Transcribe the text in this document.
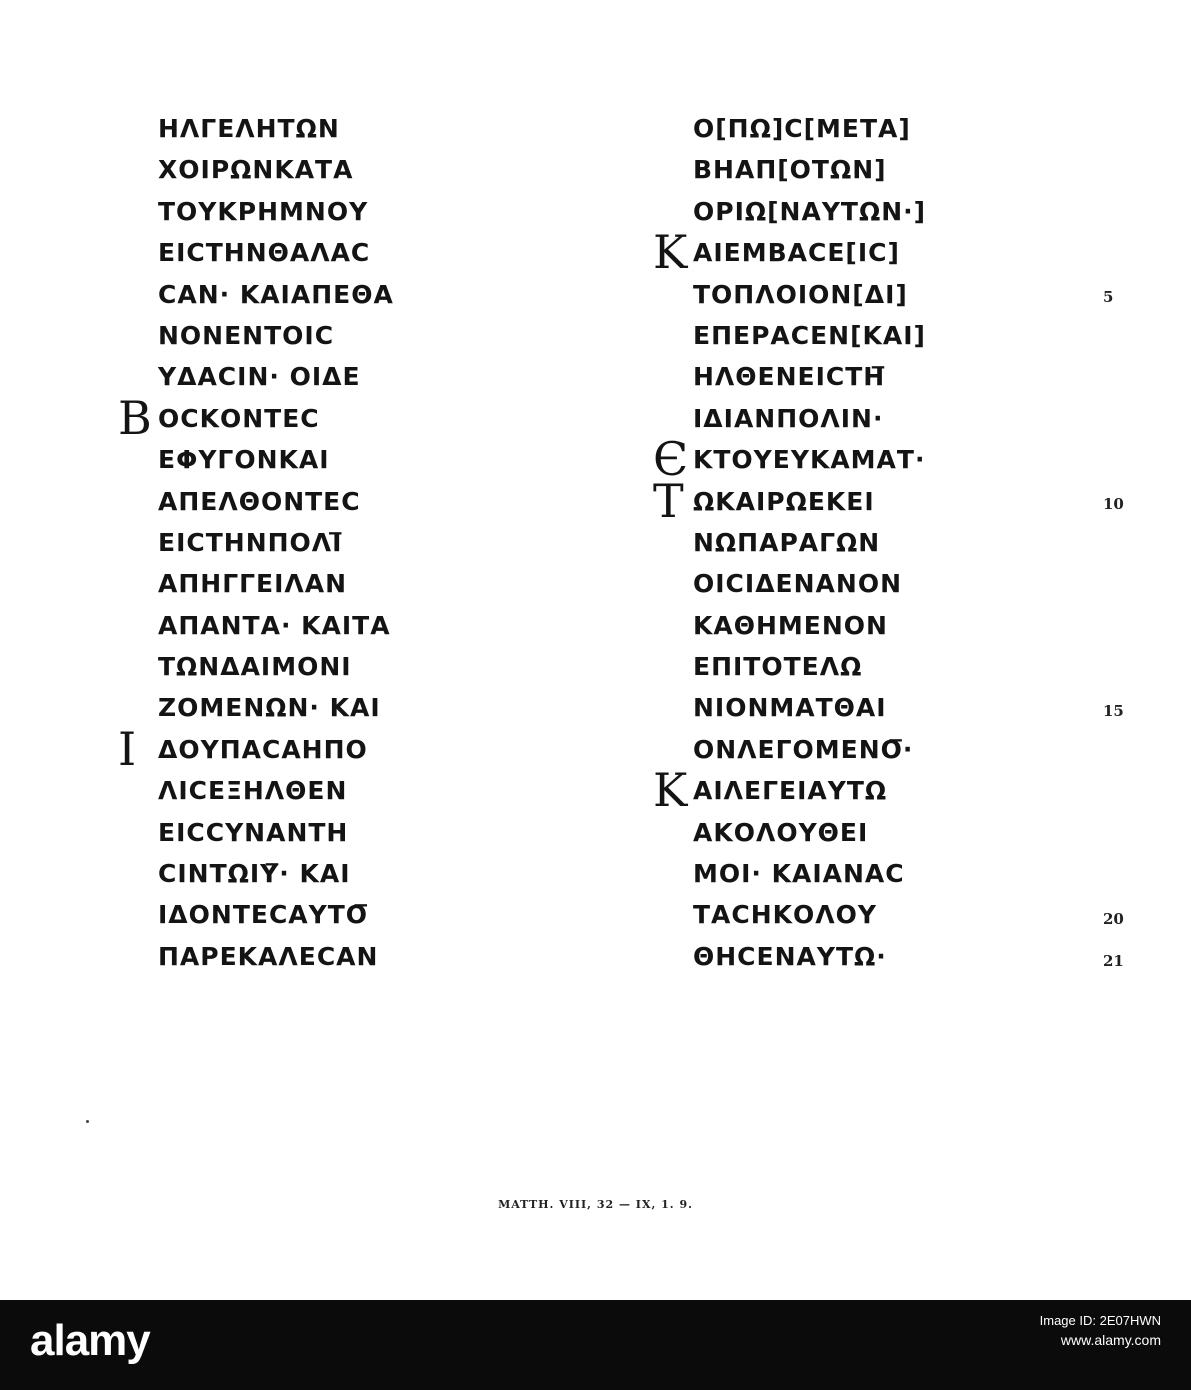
ΗΛΓΕΛΗΤΩΝ
ΧΟΙΡΩΝΚΑΤΑ
ΤΟΥΚΡΗΜΝΟΥ
ΕΙCΤΗΝΘΑΛΑC
CΑΝ· ΚΑΙΑΠΕΘΑ
ΝΟΝΕΝΤΟΙC
ΥΔΑCΙΝ· ΟΙΔΕ
Β ΟCΚΟΝΤΕC
ΕΦΥΓΟΝΚΑΙ
ΑΠΕΛΘΟΝΤΕC
ΕΙCΤΗΝΠΟΛΙ̅
ΑΠΗΓΓΕΙΛΑΝ
ΑΠΑΝΤΑ· ΚΑΙΤΑ
ΤΩΝΔΑΙΜΟΝΙ
ΖΟΜΕΝΩΝ· ΚΑΙ
Ι ΔΟΥΠΑCΑΗΠΟ
ΛΙCΕΞΗΛΘΕΝ
ΕΙCCΥΝΑΝΤΗ
CΙΝΤΩΙΥ̅· ΚΑΙ
ΙΔΟΝΤΕCΑΥΤΟ̅
ΠΑΡΕΚΑΛΕCΑΝ
Ο[ΠΩ]C[ΜΕΤΑ]
ΒΗΑΠ[ΟΤΩΝ]
ΟΡΙΩ[ΝΑΥΤΩΝ·]
Κ ΑΙΕΜΒΑCΕ[ΙC]
ΤΟΠΛΟΙΟΝ[ΔΙ]
ΕΠΕΡΑCΕΝ[ΚΑΙ]
ΗΛΘΕΝΕΙCΤΗ̅
ΙΔΙΑΝΠΟΛΙΝ·
Є ΚΤΟΥΕΥΚΑΜΑΤ·
Τ ΩΚΑΙΡΩΕΚΕΙ
ΝΩΠΑΡΑΓΩΝ
ΟΙCΙΔΕΝΑΝΟΝ
ΚΑΘΗΜΕΝΟΝ
ΕΠΙΤΟΤΕΛΩ
ΝΙΟΝΜΑΤΘΑΙ
ΟΝΛΕΓΟΜΕΝΟ̅·
Κ ΑΙΛΕΓΕΙΑΥΤΩ
ΑΚΟΛΟΥΘΕΙ
ΜΟΙ· ΚΑΙΑΝΑC
ΤΑCΗΚΟΛΟΥ
ΘΗCΕΝΑΥΤΩ·
5
10
15
20
21
MATTH. VIII, 32 — IX, 1. 9.
alamy	Image ID: 2E07HWN
www.alamy.com
